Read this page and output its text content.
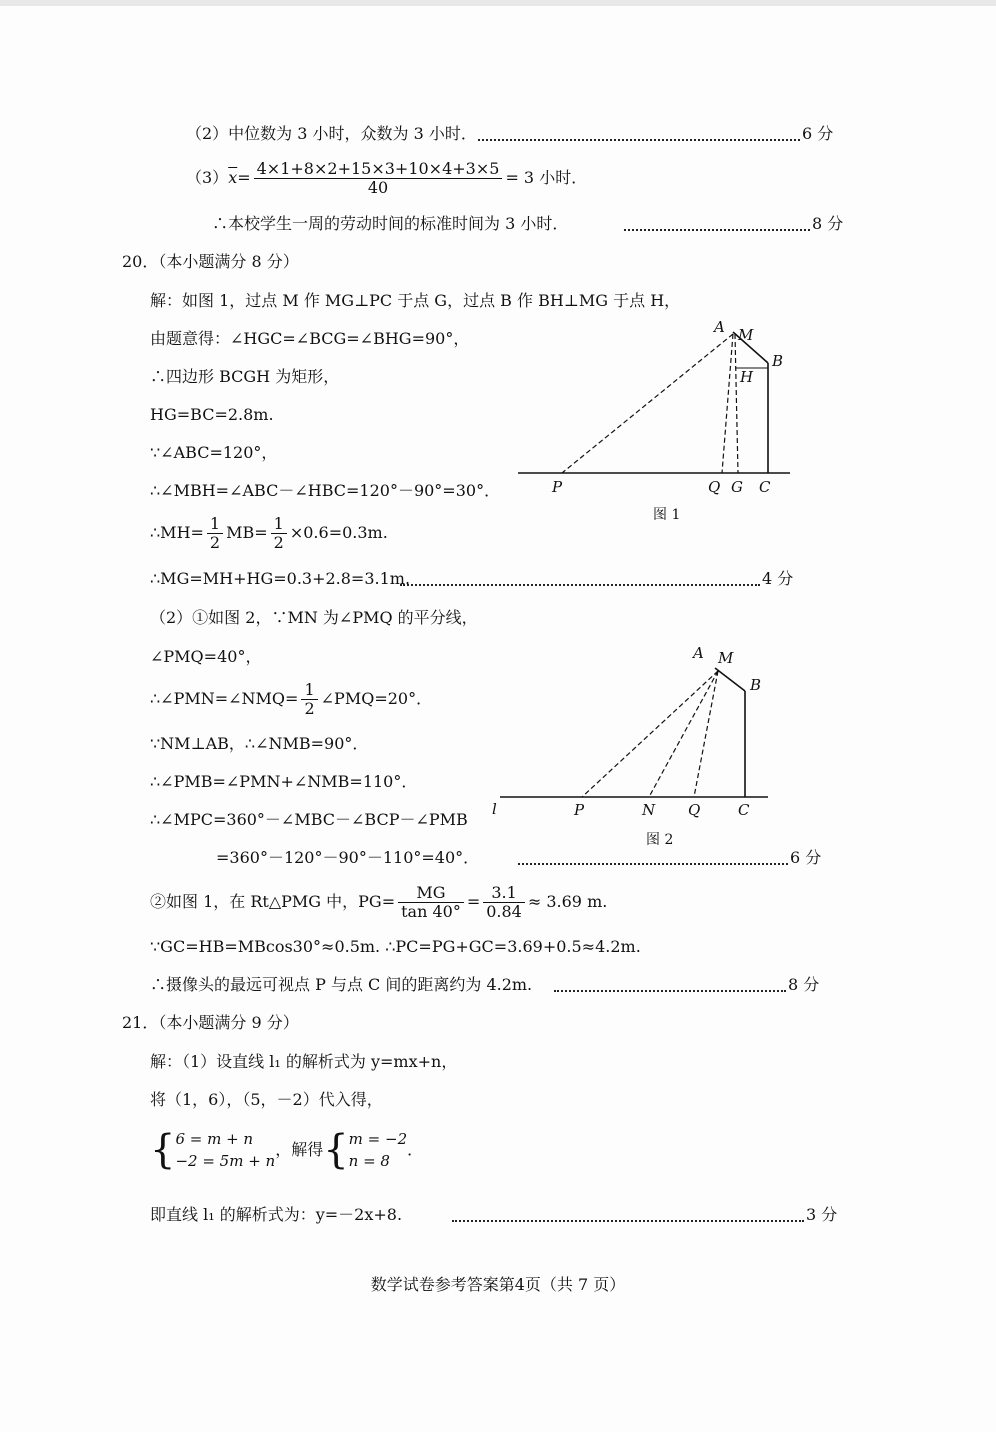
（2）中位数为 3 小时，众数为 3 小时．	6 分
$(3)\overline{x}= \frac{4\times 1+8\times 2+15\times 3+10\times 4+3\times 5}{40} = 3$ 小时．
∴本校学生一周的劳动时间的标准时间为 3 小时．	8 分
20．（本小题满分 8 分）
解：如图 1，过点 M 作 MG⊥PC 于点 G，过点 B 作 BH⊥MG 于点 H，
由题意得：∠HGC=∠BCG=∠BHG=90°，
∴四边形 BCGH 为矩形，
HG=BC=2.8m.
∵∠ABC=120°，
∴∠MBH=∠ABC－∠HBC=120°－90°=30°．
∴MH= $\frac{1}{2} MB= \frac{1}{2} \times 0.6=0.3m$.
∴MG=MH+HG=0.3+2.8=3.1m.	4 分
（2）①如图 2，∵MN 为∠PMQ 的平分线，
∠PMQ=40°，
∴∠PMN=∠NMQ= $\frac{1}{2}$ ∠PMQ=20°．
∵NM⊥AB，∴∠NMB=90°．
∴∠PMB=∠PMN+∠NMB=110°．
∴∠MPC=360°－∠MBC－∠BCP－∠PMB
=360°－120°－90°－110°=40°．	6 分
②如图 1，在 Rt△PMG 中，$PG= \frac{MG}{\tan 40^\circ} = \frac{3.1}{0.84} \approx 3.69$ m.
∵GC=HB=MBcos30°≈0.5m. ∴PC=PG+GC=3.69+0.5≈4.2m.
∴摄像头的最远可视点 P 与点 C 间的距离约为 4.2m.	8 分
A M
B
H
P	Q G C
图 1
A M
B
l	P	N Q	C
图 2
21．（本小题满分 9 分）
解：（1）设直线 l₁ 的解析式为 y=mx+n，
将（1，6），（5，－2）代入得，
{ 6 = m + n
−2 = 5m + n
，解得{ m = −2
n = 8
．
即直线 l₁ 的解析式为：y=－2x+8.	3 分
数学试卷参考答案第4页（共 7 页）
